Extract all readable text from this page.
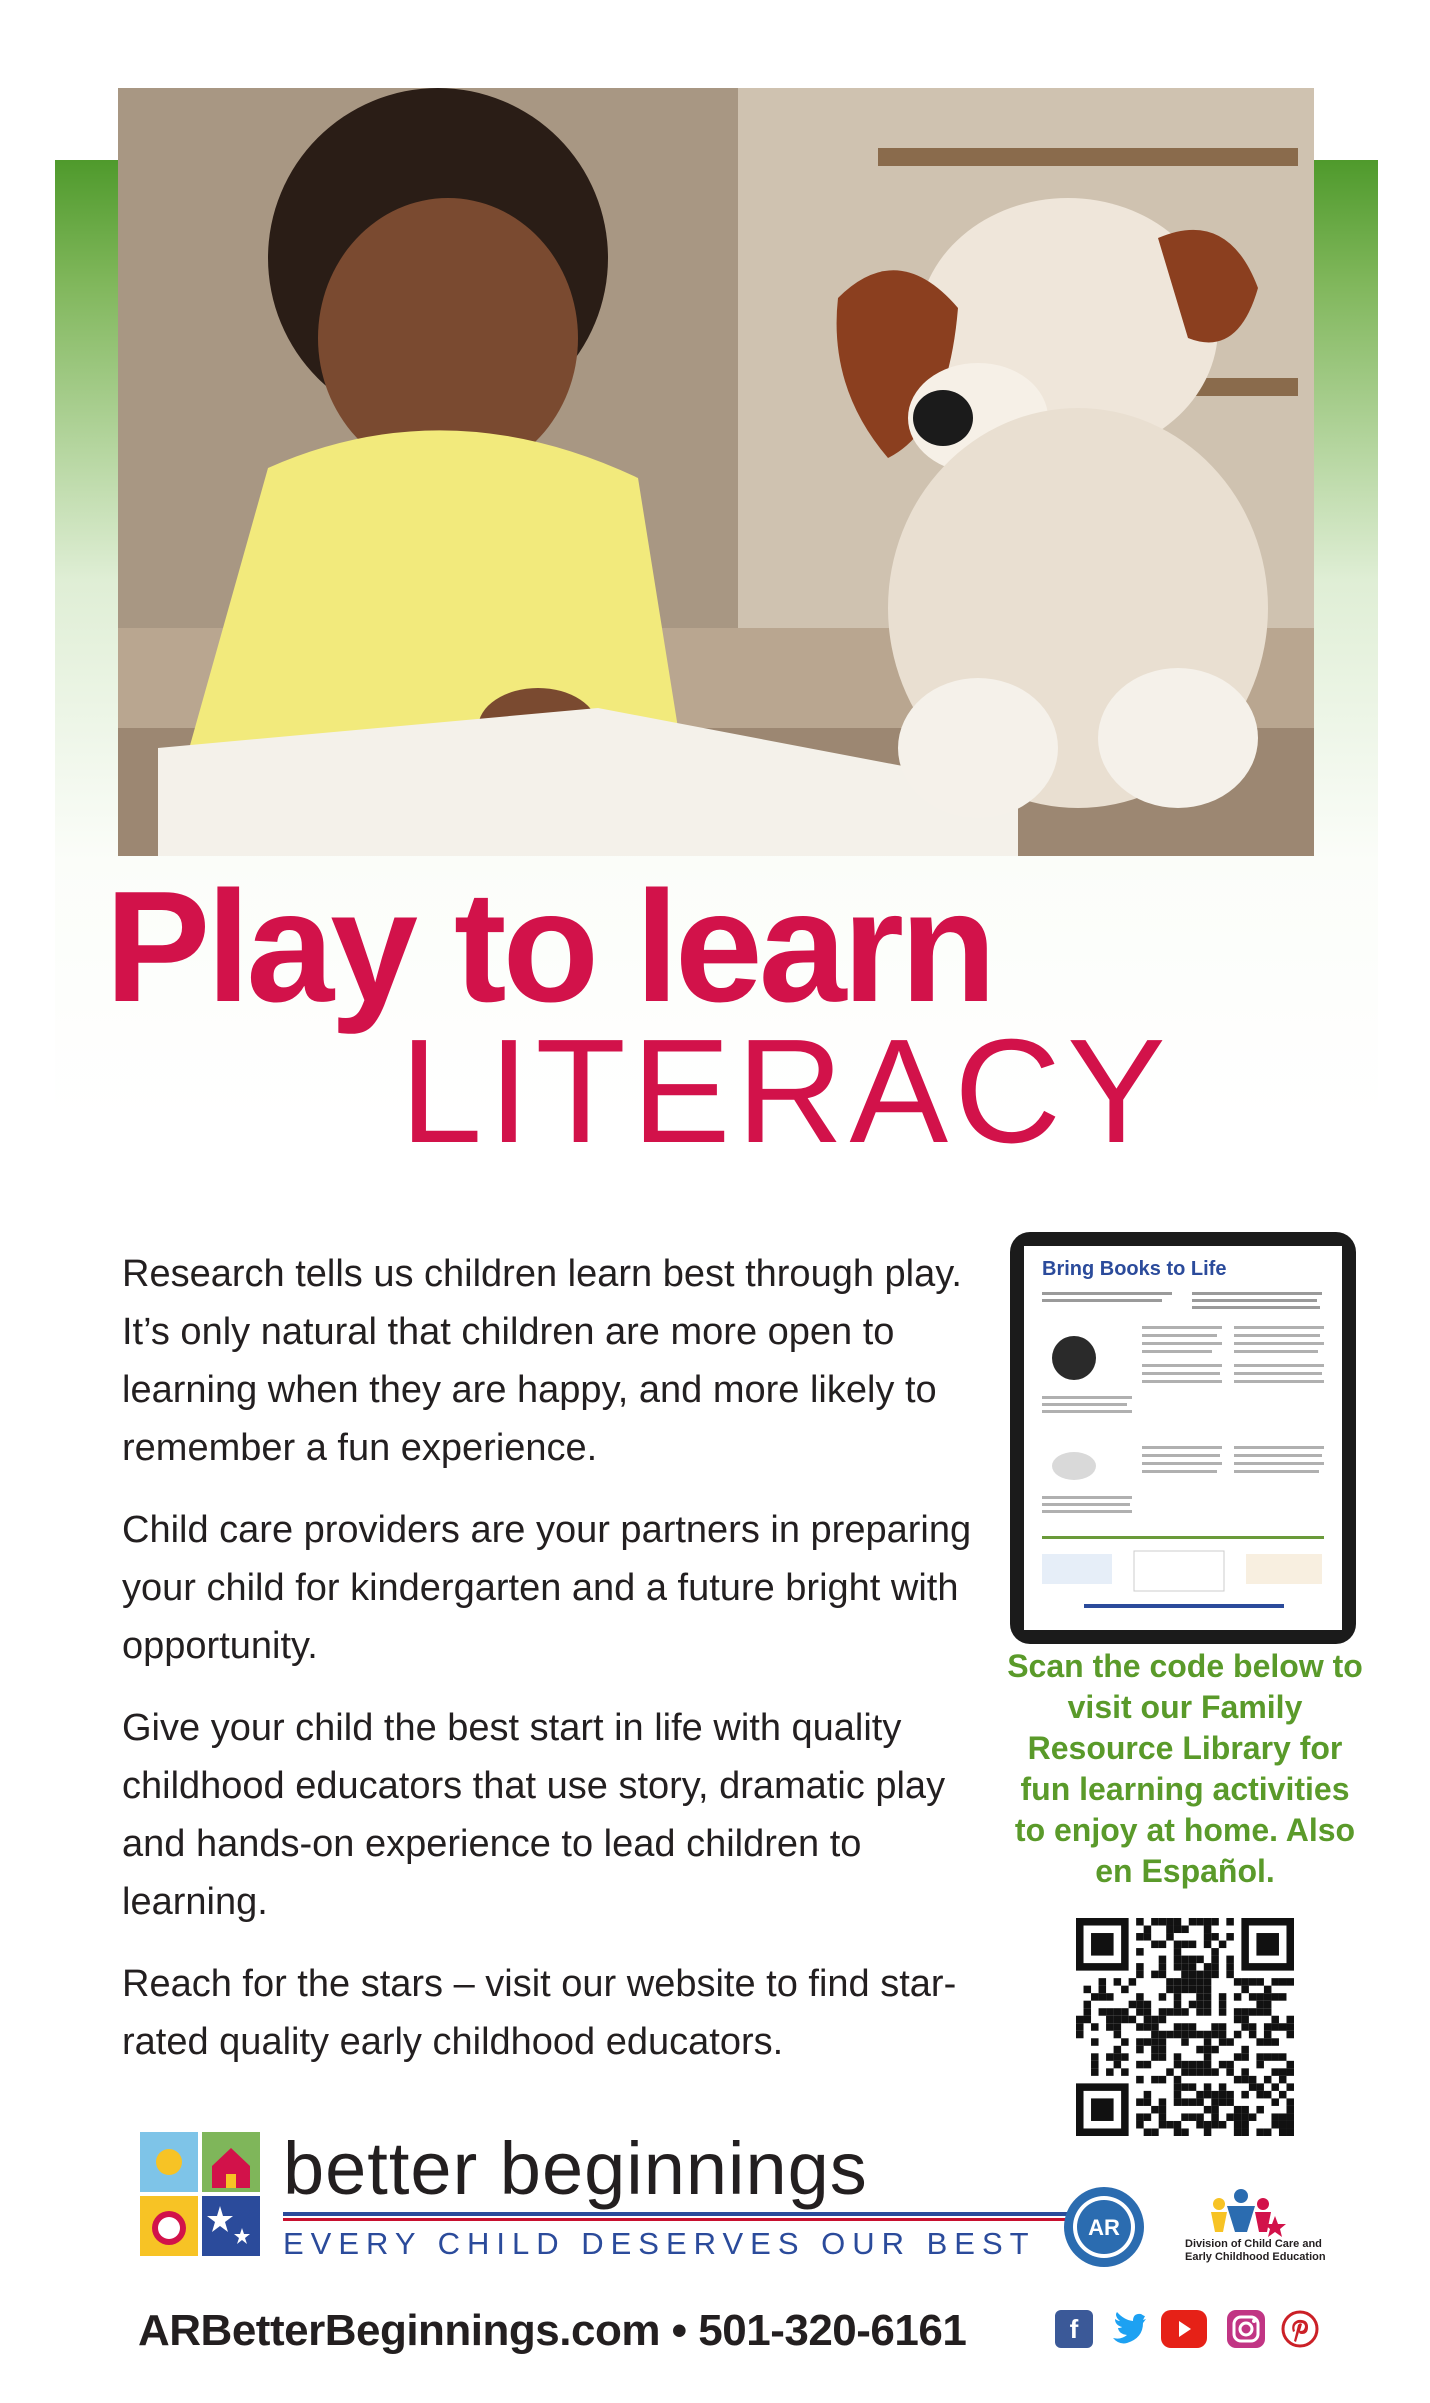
Play to learn
LITERACY

Research tells us children learn best through play. It’s only natural that children are more open to learning when they are happy, and more likely to remember a fun experience.

Child care providers are your partners in preparing your child for kindergarten and a future bright with opportunity.

Give your child the best start in life with quality childhood educators that use story, dramatic play and hands-on experience to lead children to learning.

Reach for the stars – visit our website to find star-rated quality early childhood educators.

Bring Books to Life
Scan the code below to visit our Family Resource Library for fun learning activities to enjoy at home. Also en Español.
better beginnings
EVERY CHILD DESERVES OUR BEST AR
Division of Child Care and Early Childhood Education
ARBetterBeginnings.com • 501-320-6161	f
